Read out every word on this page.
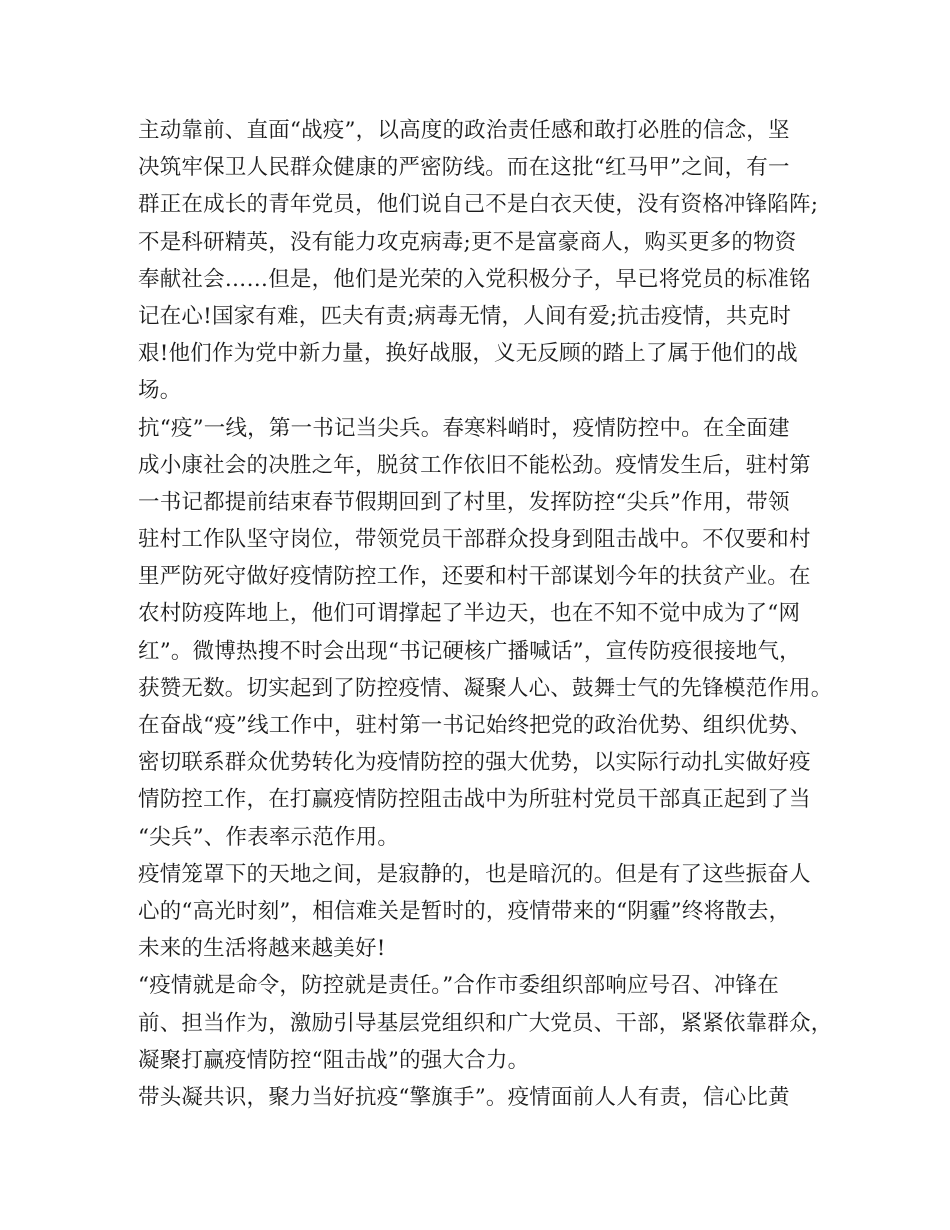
主动靠前、直面“战疫”，以高度的政治责任感和敢打必胜的信念，坚
决筑牢保卫人民群众健康的严密防线。而在这批“红马甲”之间，有一
群正在成长的青年党员，他们说自己不是白衣天使，没有资格冲锋陷阵;
不是科研精英，没有能力攻克病毒;更不是富豪商人，购买更多的物资
奉献社会……但是，他们是光荣的入党积极分子，早已将党员的标准铭
记在心!国家有难，匹夫有责;病毒无情，人间有爱;抗击疫情，共克时
艰!他们作为党中新力量，换好战服，义无反顾的踏上了属于他们的战
场。
抗“疫”一线，第一书记当尖兵。春寒料峭时，疫情防控中。在全面建
成小康社会的决胜之年，脱贫工作依旧不能松劲。疫情发生后，驻村第
一书记都提前结束春节假期回到了村里，发挥防控“尖兵”作用，带领
驻村工作队坚守岗位，带领党员干部群众投身到阻击战中。不仅要和村
里严防死守做好疫情防控工作，还要和村干部谋划今年的扶贫产业。在
农村防疫阵地上，他们可谓撑起了半边天，也在不知不觉中成为了“网
红”。微博热搜不时会出现“书记硬核广播喊话”，宣传防疫很接地气，
获赞无数。切实起到了防控疫情、凝聚人心、鼓舞士气的先锋模范作用。
在奋战“疫”线工作中，驻村第一书记始终把党的政治优势、组织优势、
密切联系群众优势转化为疫情防控的强大优势，以实际行动扎实做好疫
情防控工作，在打赢疫情防控阻击战中为所驻村党员干部真正起到了当
“尖兵”、作表率示范作用。
疫情笼罩下的天地之间，是寂静的，也是暗沉的。但是有了这些振奋人
心的“高光时刻”，相信难关是暂时的，疫情带来的“阴霾”终将散去，
未来的生活将越来越美好!
“疫情就是命令，防控就是责任。”合作市委组织部响应号召、冲锋在
前、担当作为，激励引导基层党组织和广大党员、干部，紧紧依靠群众，
凝聚打赢疫情防控“阻击战”的强大合力。
带头凝共识，聚力当好抗疫“擎旗手”。疫情面前人人有责，信心比黄
